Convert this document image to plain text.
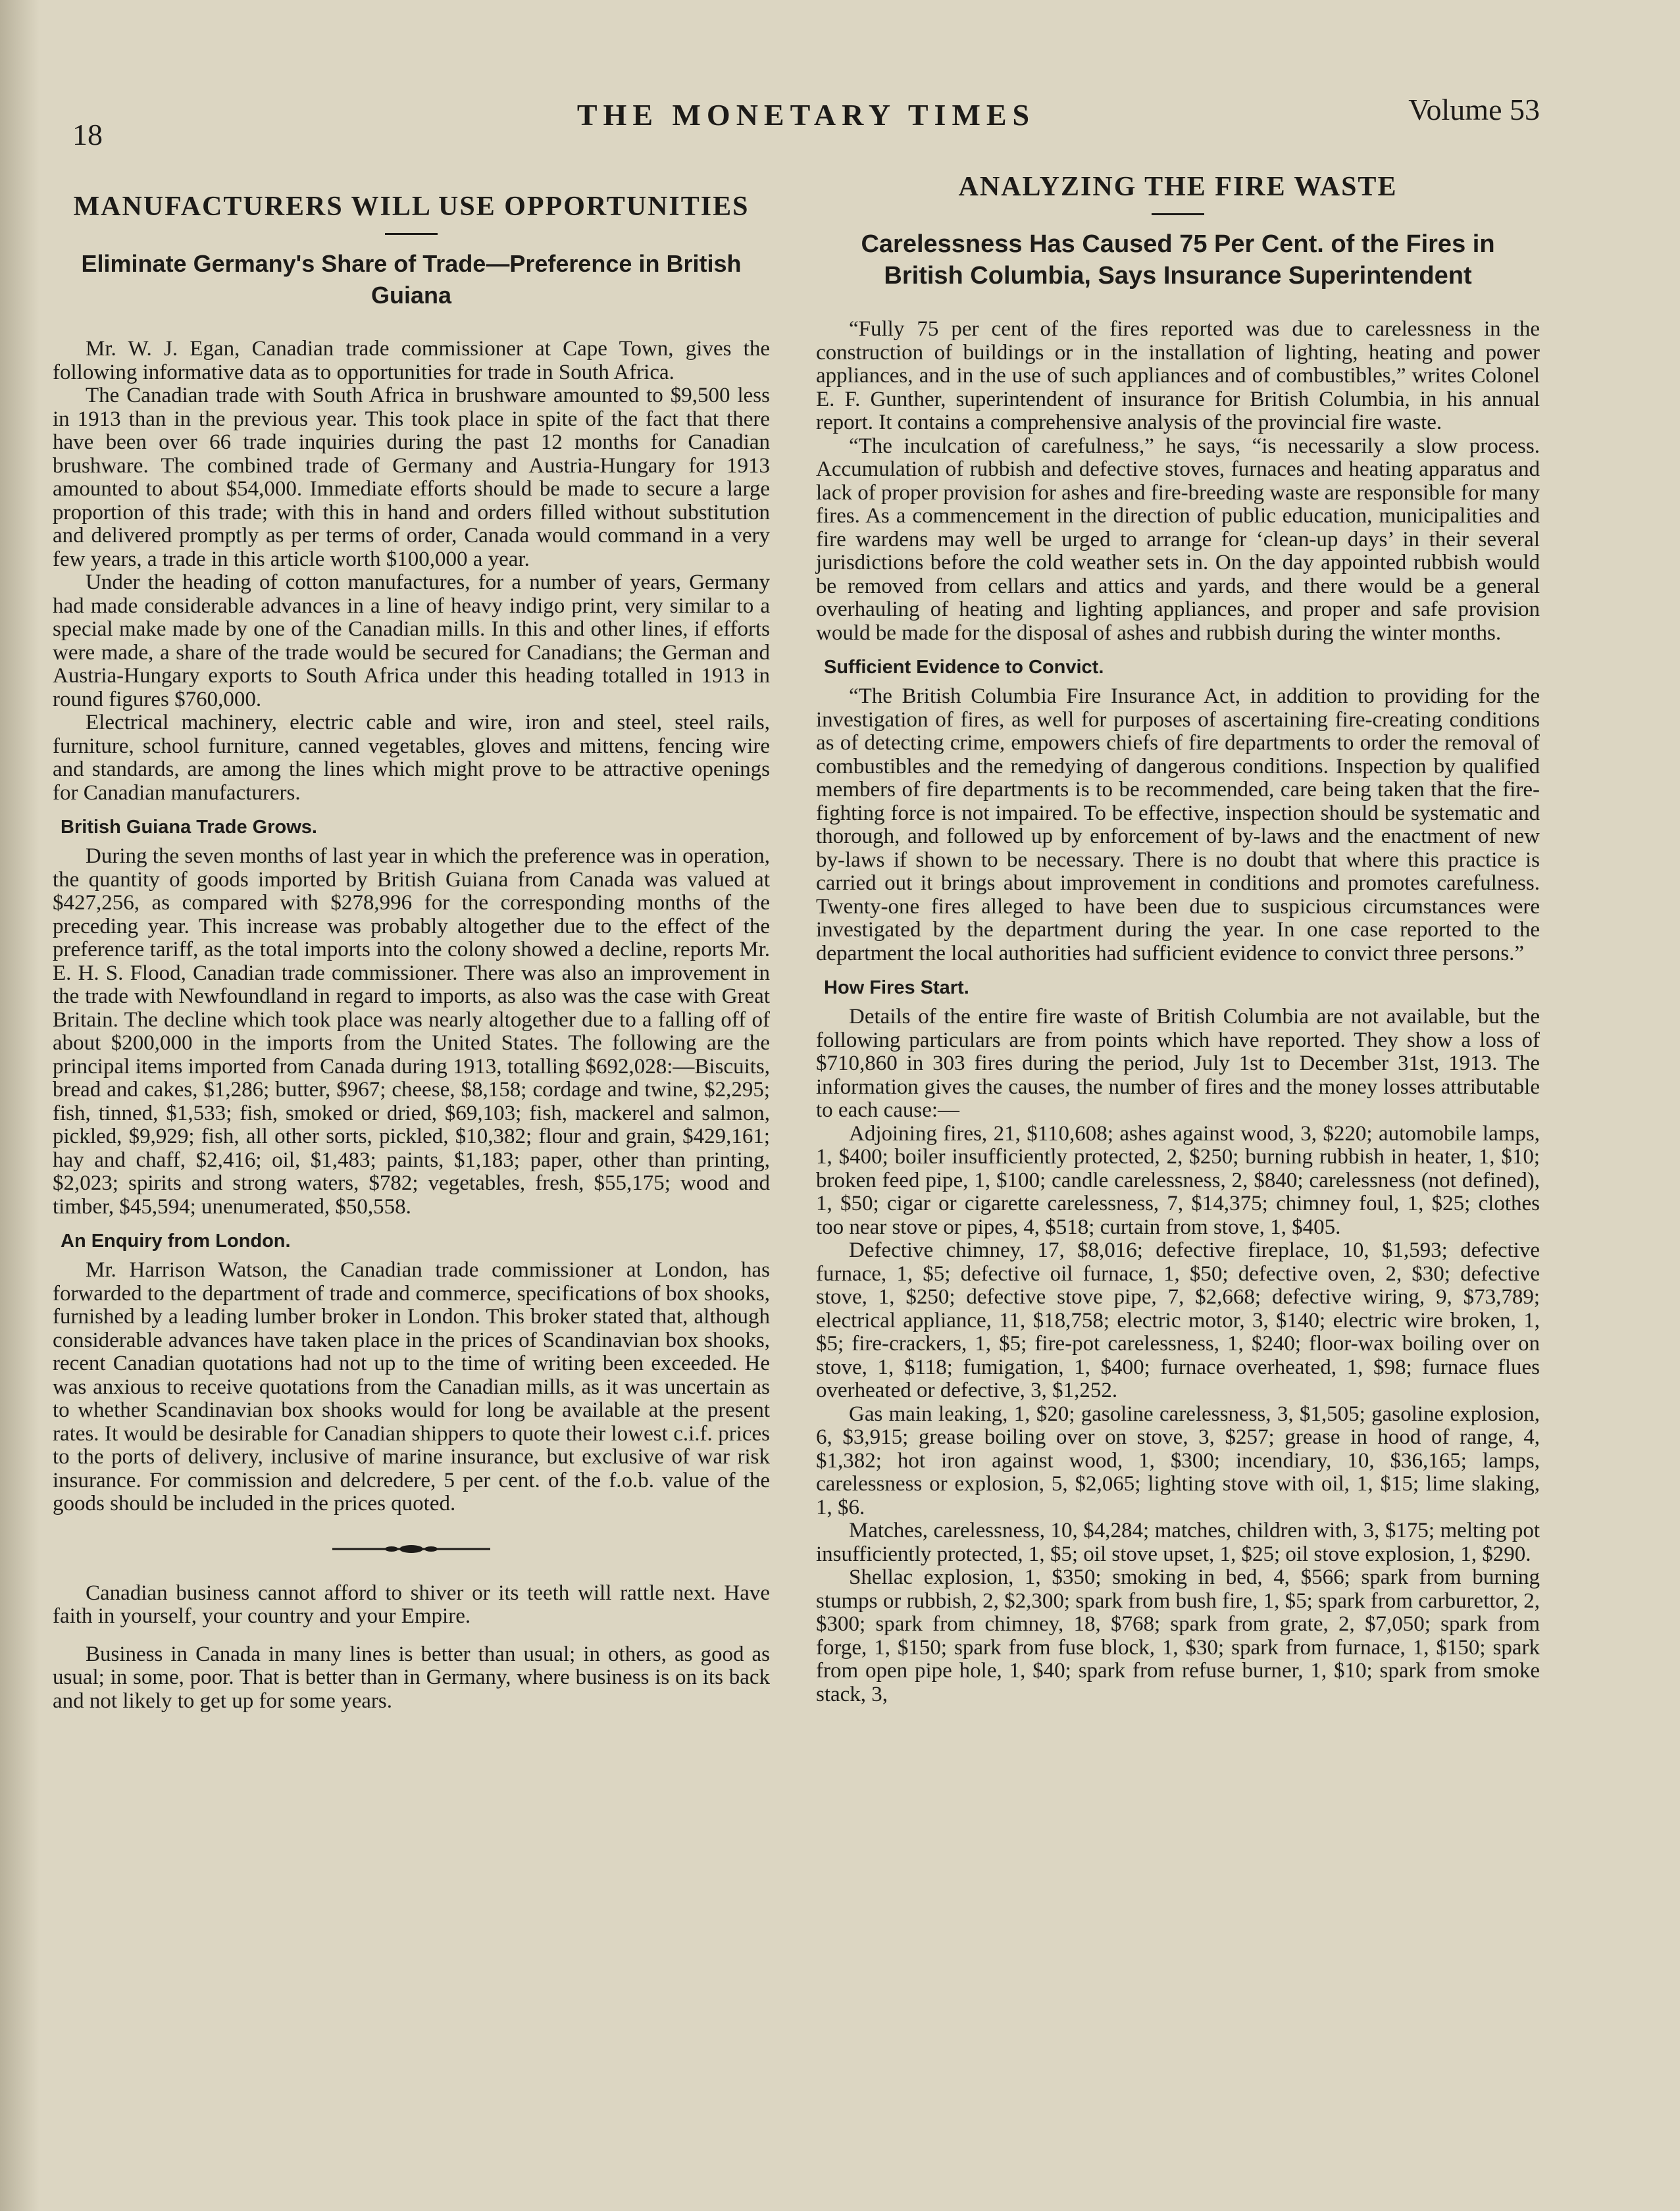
18
THE MONETARY TIMES	Volume 53
MANUFACTURERS WILL USE OPPORTUNITIES
Eliminate Germany's Share of Trade—Preference in British Guiana

Mr. W. J. Egan, Canadian trade commissioner at Cape Town, gives the following informative data as to opportunities for trade in South Africa.

The Canadian trade with South Africa in brushware amounted to $9,500 less in 1913 than in the previous year. This took place in spite of the fact that there have been over 66 trade inquiries during the past 12 months for Canadian brushware. The combined trade of Germany and Austria-Hungary for 1913 amounted to about $54,000. Immediate efforts should be made to secure a large proportion of this trade; with this in hand and orders filled without substitution and delivered promptly as per terms of order, Canada would command in a very few years, a trade in this article worth $100,000 a year.

Under the heading of cotton manufactures, for a number of years, Germany had made considerable advances in a line of heavy indigo print, very similar to a special make made by one of the Canadian mills. In this and other lines, if efforts were made, a share of the trade would be secured for Canadians; the German and Austria-Hungary exports to South Africa under this heading totalled in 1913 in round figures $760,000.

Electrical machinery, electric cable and wire, iron and steel, steel rails, furniture, school furniture, canned vegetables, gloves and mittens, fencing wire and standards, are among the lines which might prove to be attractive openings for Canadian manufacturers.

British Guiana Trade Grows.

During the seven months of last year in which the preference was in operation, the quantity of goods imported by British Guiana from Canada was valued at $427,256, as compared with $278,996 for the corresponding months of the preceding year. This increase was probably altogether due to the effect of the preference tariff, as the total imports into the colony showed a decline, reports Mr. E. H. S. Flood, Canadian trade commissioner. There was also an improvement in the trade with Newfoundland in regard to imports, as also was the case with Great Britain. The decline which took place was nearly altogether due to a falling off of about $200,000 in the imports from the United States. The following are the principal items imported from Canada during 1913, totalling $692,028:—Biscuits, bread and cakes, $1,286; butter, $967; cheese, $8,158; cordage and twine, $2,295; fish, tinned, $1,533; fish, smoked or dried, $69,103; fish, mackerel and salmon, pickled, $9,929; fish, all other sorts, pickled, $10,382; flour and grain, $429,161; hay and chaff, $2,416; oil, $1,483; paints, $1,183; paper, other than printing, $2,023; spirits and strong waters, $782; vegetables, fresh, $55,175; wood and timber, $45,594; unenumerated, $50,558.

An Enquiry from London.

Mr. Harrison Watson, the Canadian trade commissioner at London, has forwarded to the department of trade and commerce, specifications of box shooks, furnished by a leading lumber broker in London. This broker stated that, although considerable advances have taken place in the prices of Scandinavian box shooks, recent Canadian quotations had not up to the time of writing been exceeded. He was anxious to receive quotations from the Canadian mills, as it was uncertain as to whether Scandinavian box shooks would for long be available at the present rates. It would be desirable for Canadian shippers to quote their lowest c.i.f. prices to the ports of delivery, inclusive of marine insurance, but exclusive of war risk insurance. For commission and delcredere, 5 per cent. of the f.o.b. value of the goods should be included in the prices quoted.

Canadian business cannot afford to shiver or its teeth will rattle next. Have faith in yourself, your country and your Empire.

Business in Canada in many lines is better than usual; in others, as good as usual; in some, poor. That is better than in Germany, where business is on its back and not likely to get up for some years.

ANALYZING THE FIRE WASTE
Carelessness Has Caused 75 Per Cent. of the Fires in British Columbia, Says Insurance Superintendent

“Fully 75 per cent of the fires reported was due to carelessness in the construction of buildings or in the installation of lighting, heating and power appliances, and in the use of such appliances and of combustibles,” writes Colonel E. F. Gunther, superintendent of insurance for British Columbia, in his annual report. It contains a comprehensive analysis of the provincial fire waste.

“The inculcation of carefulness,” he says, “is necessarily a slow process. Accumulation of rubbish and defective stoves, furnaces and heating apparatus and lack of proper provision for ashes and fire-breeding waste are responsible for many fires. As a commencement in the direction of public education, municipalities and fire wardens may well be urged to arrange for ‘clean-up days’ in their several jurisdictions before the cold weather sets in. On the day appointed rubbish would be removed from cellars and attics and yards, and there would be a general overhauling of heating and lighting appliances, and proper and safe provision would be made for the disposal of ashes and rubbish during the winter months.

Sufficient Evidence to Convict.

“The British Columbia Fire Insurance Act, in addition to providing for the investigation of fires, as well for purposes of ascertaining fire-creating conditions as of detecting crime, empowers chiefs of fire departments to order the removal of combustibles and the remedying of dangerous conditions. Inspection by qualified members of fire departments is to be recommended, care being taken that the fire-fighting force is not impaired. To be effective, inspection should be systematic and thorough, and followed up by enforcement of by-laws and the enactment of new by-laws if shown to be necessary. There is no doubt that where this practice is carried out it brings about improvement in conditions and promotes carefulness. Twenty-one fires alleged to have been due to suspicious circumstances were investigated by the department during the year. In one case reported to the department the local authorities had sufficient evidence to convict three persons.”

How Fires Start.

Details of the entire fire waste of British Columbia are not available, but the following particulars are from points which have reported. They show a loss of $710,860 in 303 fires during the period, July 1st to December 31st, 1913. The information gives the causes, the number of fires and the money losses attributable to each cause:—

Adjoining fires, 21, $110,608; ashes against wood, 3, $220; automobile lamps, 1, $400; boiler insufficiently protected, 2, $250; burning rubbish in heater, 1, $10; broken feed pipe, 1, $100; candle carelessness, 2, $840; carelessness (not defined), 1, $50; cigar or cigarette carelessness, 7, $14,375; chimney foul, 1, $25; clothes too near stove or pipes, 4, $518; curtain from stove, 1, $405.

Defective chimney, 17, $8,016; defective fireplace, 10, $1,593; defective furnace, 1, $5; defective oil furnace, 1, $50; defective oven, 2, $30; defective stove, 1, $250; defective stove pipe, 7, $2,668; defective wiring, 9, $73,789; electrical appliance, 11, $18,758; electric motor, 3, $140; electric wire broken, 1, $5; fire-crackers, 1, $5; fire-pot carelessness, 1, $240; floor-wax boiling over on stove, 1, $118; fumigation, 1, $400; furnace overheated, 1, $98; furnace flues overheated or defective, 3, $1,252.

Gas main leaking, 1, $20; gasoline carelessness, 3, $1,505; gasoline explosion, 6, $3,915; grease boiling over on stove, 3, $257; grease in hood of range, 4, $1,382; hot iron against wood, 1, $300; incendiary, 10, $36,165; lamps, carelessness or explosion, 5, $2,065; lighting stove with oil, 1, $15; lime slaking, 1, $6.

Matches, carelessness, 10, $4,284; matches, children with, 3, $175; melting pot insufficiently protected, 1, $5; oil stove upset, 1, $25; oil stove explosion, 1, $290.

Shellac explosion, 1, $350; smoking in bed, 4, $566; spark from burning stumps or rubbish, 2, $2,300; spark from bush fire, 1, $5; spark from carburettor, 2, $300; spark from chimney, 18, $768; spark from grate, 2, $7,050; spark from forge, 1, $150; spark from fuse block, 1, $30; spark from furnace, 1, $150; spark from open pipe hole, 1, $40; spark from refuse burner, 1, $10; spark from smoke stack, 3,
